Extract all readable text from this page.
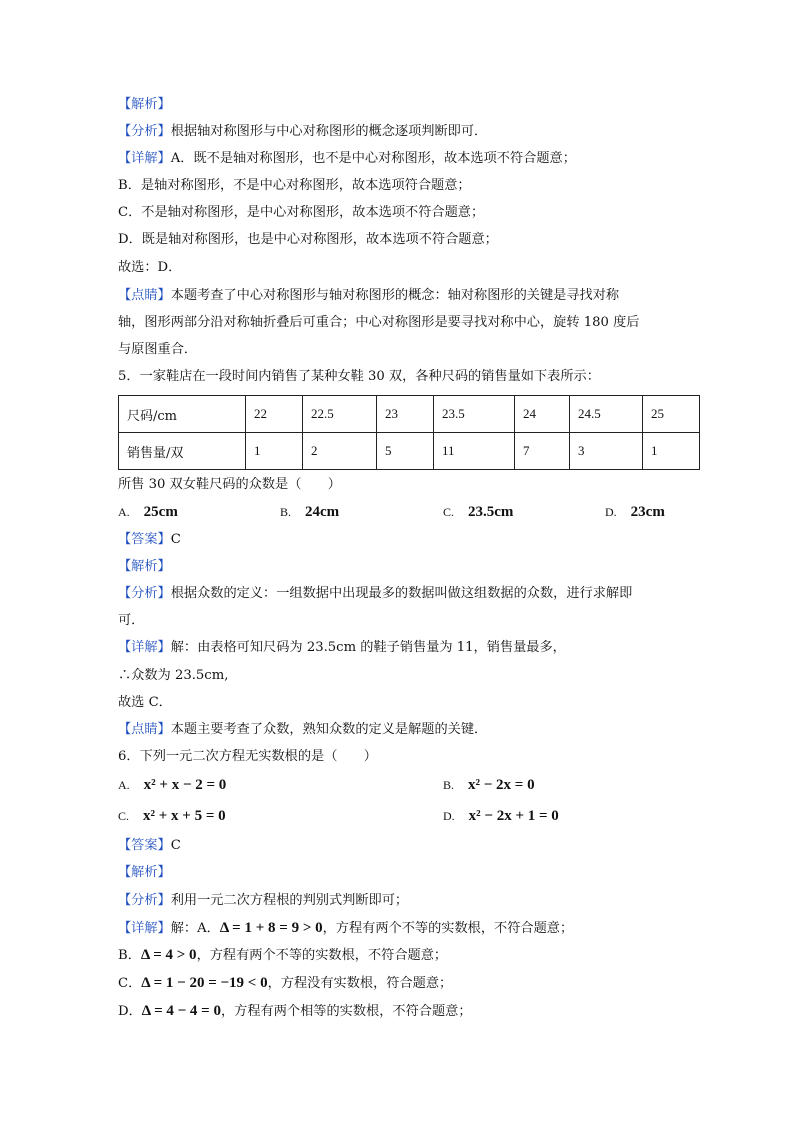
【解析】
【分析】根据轴对称图形与中心对称图形的概念逐项判断即可．
【详解】A．既不是轴对称图形，也不是中心对称图形，故本选项不符合题意；
B．是轴对称图形，不是中心对称图形，故本选项符合题意；
C．不是轴对称图形，是中心对称图形，故本选项不符合题意；
D．既是轴对称图形，也是中心对称图形，故本选项不符合题意；
故选：D．
【点睛】本题考查了中心对称图形与轴对称图形的概念：轴对称图形的关键是寻找对称
轴，图形两部分沿对称轴折叠后可重合；中心对称图形是要寻找对称中心，旋转 180 度后
与原图重合．
5．一家鞋店在一段时间内销售了某种女鞋 30 双，各种尺码的销售量如下表所示：
尺码/cm	22	22.5	23	23.5	24	24.5	25
销售量/双	1	2	5	11	7	3	1
所售 30 双女鞋尺码的众数是（　　）
A. 25cm	B. 24cm	C. 23.5cm	D. 23cm
【答案】C
【解析】
【分析】根据众数的定义：一组数据中出现最多的数据叫做这组数据的众数，进行求解即
可．
【详解】解：由表格可知尺码为 23.5cm 的鞋子销售量为 11，销售量最多，
∴众数为 23.5cm,
故选 C．
【点睛】本题主要考查了众数，熟知众数的定义是解题的关键．
6．下列一元二次方程无实数根的是（　　）
A. x² + x − 2 = 0	B. x² − 2x = 0
C. x² + x + 5 = 0	D. x² − 2x + 1 = 0
【答案】C
【解析】
【分析】利用一元二次方程根的判别式判断即可；
【详解】解：A．Δ = 1 + 8 = 9 > 0，方程有两个不等的实数根，不符合题意；
B．Δ = 4 > 0，方程有两个不等的实数根，不符合题意；
C．Δ = 1 − 20 = −19 < 0，方程没有实数根，符合题意；
D．Δ = 4 − 4 = 0，方程有两个相等的实数根，不符合题意；
